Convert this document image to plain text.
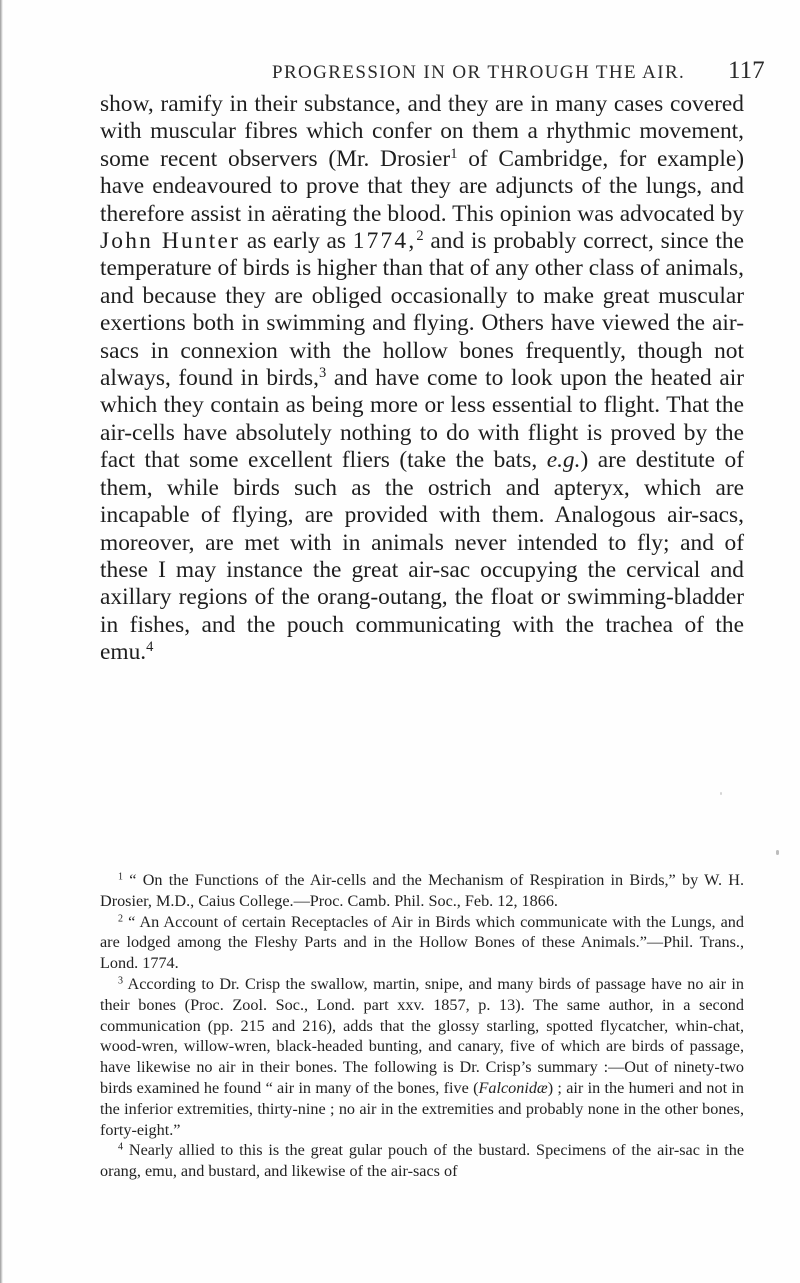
PROGRESSION IN OR THROUGH THE AIR.	117

show, ramify in their substance, and they are in many cases covered with muscular fibres which confer on them a rhythmic movement, some recent observers (Mr. Drosier$^1$ of Cambridge, for example) have endeavoured to prove that they are adjuncts of the lungs, and therefore assist in aërating the blood. This opinion was advocated by John Hunter as early as 1774,$^2$ and is probably correct, since the temperature of birds is higher than that of any other class of animals, and because they are obliged occasionally to make great muscular exertions both in swimming and flying. Others have viewed the air-sacs in connexion with the hollow bones frequently, though not always, found in birds,$^3$ and have come to look upon the heated air which they contain as being more or less essential to flight. That the air-cells have absolutely nothing to do with flight is proved by the fact that some excellent fliers (take the bats, e.g.) are destitute of them, while birds such as the ostrich and apteryx, which are incapable of flying, are provided with them. Analogous air-sacs, moreover, are met with in animals never intended to fly; and of these I may instance the great air-sac occupying the cervical and axillary regions of the orang-outang, the float or swimming-bladder in fishes, and the pouch communicating with the trachea of the emu.$^4$

$^1$ “ On the Functions of the Air-cells and the Mechanism of Respiration in Birds,” by W. H. Drosier, M.D., Caius College.—Proc. Camb. Phil. Soc., Feb. 12, 1866.

$^2$ “ An Account of certain Receptacles of Air in Birds which communicate with the Lungs, and are lodged among the Fleshy Parts and in the Hollow Bones of these Animals.”—Phil. Trans., Lond. 1774.

$^3$ According to Dr. Crisp the swallow, martin, snipe, and many birds of passage have no air in their bones (Proc. Zool. Soc., Lond. part xxv. 1857, p. 13). The same author, in a second communication (pp. 215 and 216), adds that the glossy starling, spotted flycatcher, whin-chat, wood-wren, willow-wren, black-headed bunting, and canary, five of which are birds of passage, have likewise no air in their bones. The following is Dr. Crisp’s summary :—Out of ninety-two birds examined he found “ air in many of the bones, five (Falconidæ) ; air in the humeri and not in the inferior extremities, thirty-nine ; no air in the extremities and probably none in the other bones, forty-eight.”

$^4$ Nearly allied to this is the great gular pouch of the bustard. Specimens of the air-sac in the orang, emu, and bustard, and likewise of the air-sacs of
